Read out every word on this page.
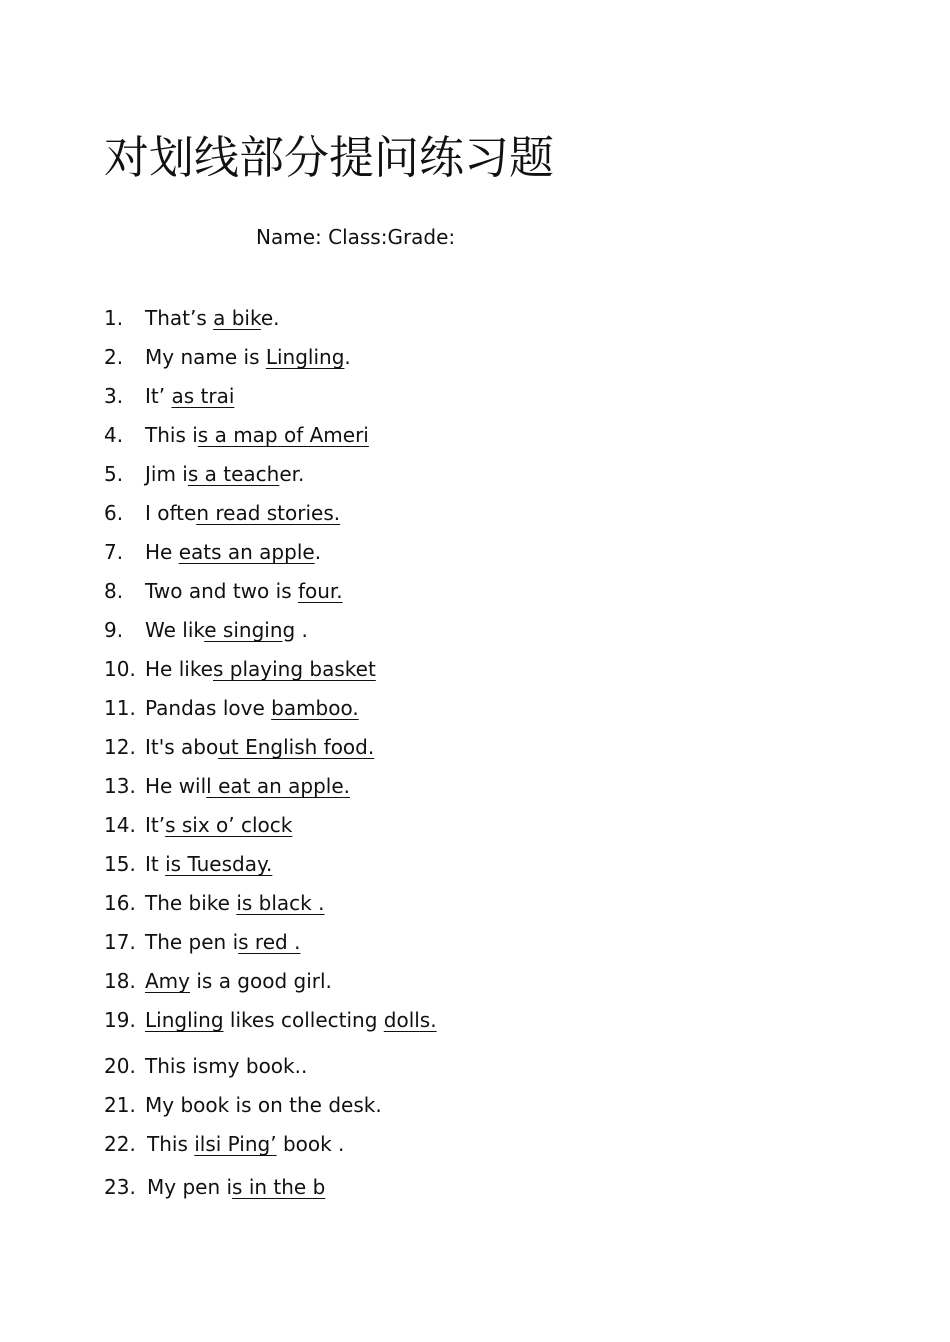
对划线部分提问练习题
Name: Class:Grade:
1. That’s a bike.
2. My name is Lingling.
3. It’ as trai
4. This is a map of Ameri
5. Jim is a teacher.
6. I often read stories.
7. He eats an apple.
8. Two and two is four.
9. We like singing .
10. He likes playing basket
11. Pandas love bamboo.
12. It's about English food.
13. He will eat an apple.
14. It’s six o’ clock
15. It is Tuesday.
16. The bike is black .
17. The pen is red .
18. Amy is a good girl.
19. Lingling likes collecting dolls.
20. This ismy book..
21. My book is on the desk.
22. This ilsi Ping’ book .
23. My pen is in the b
